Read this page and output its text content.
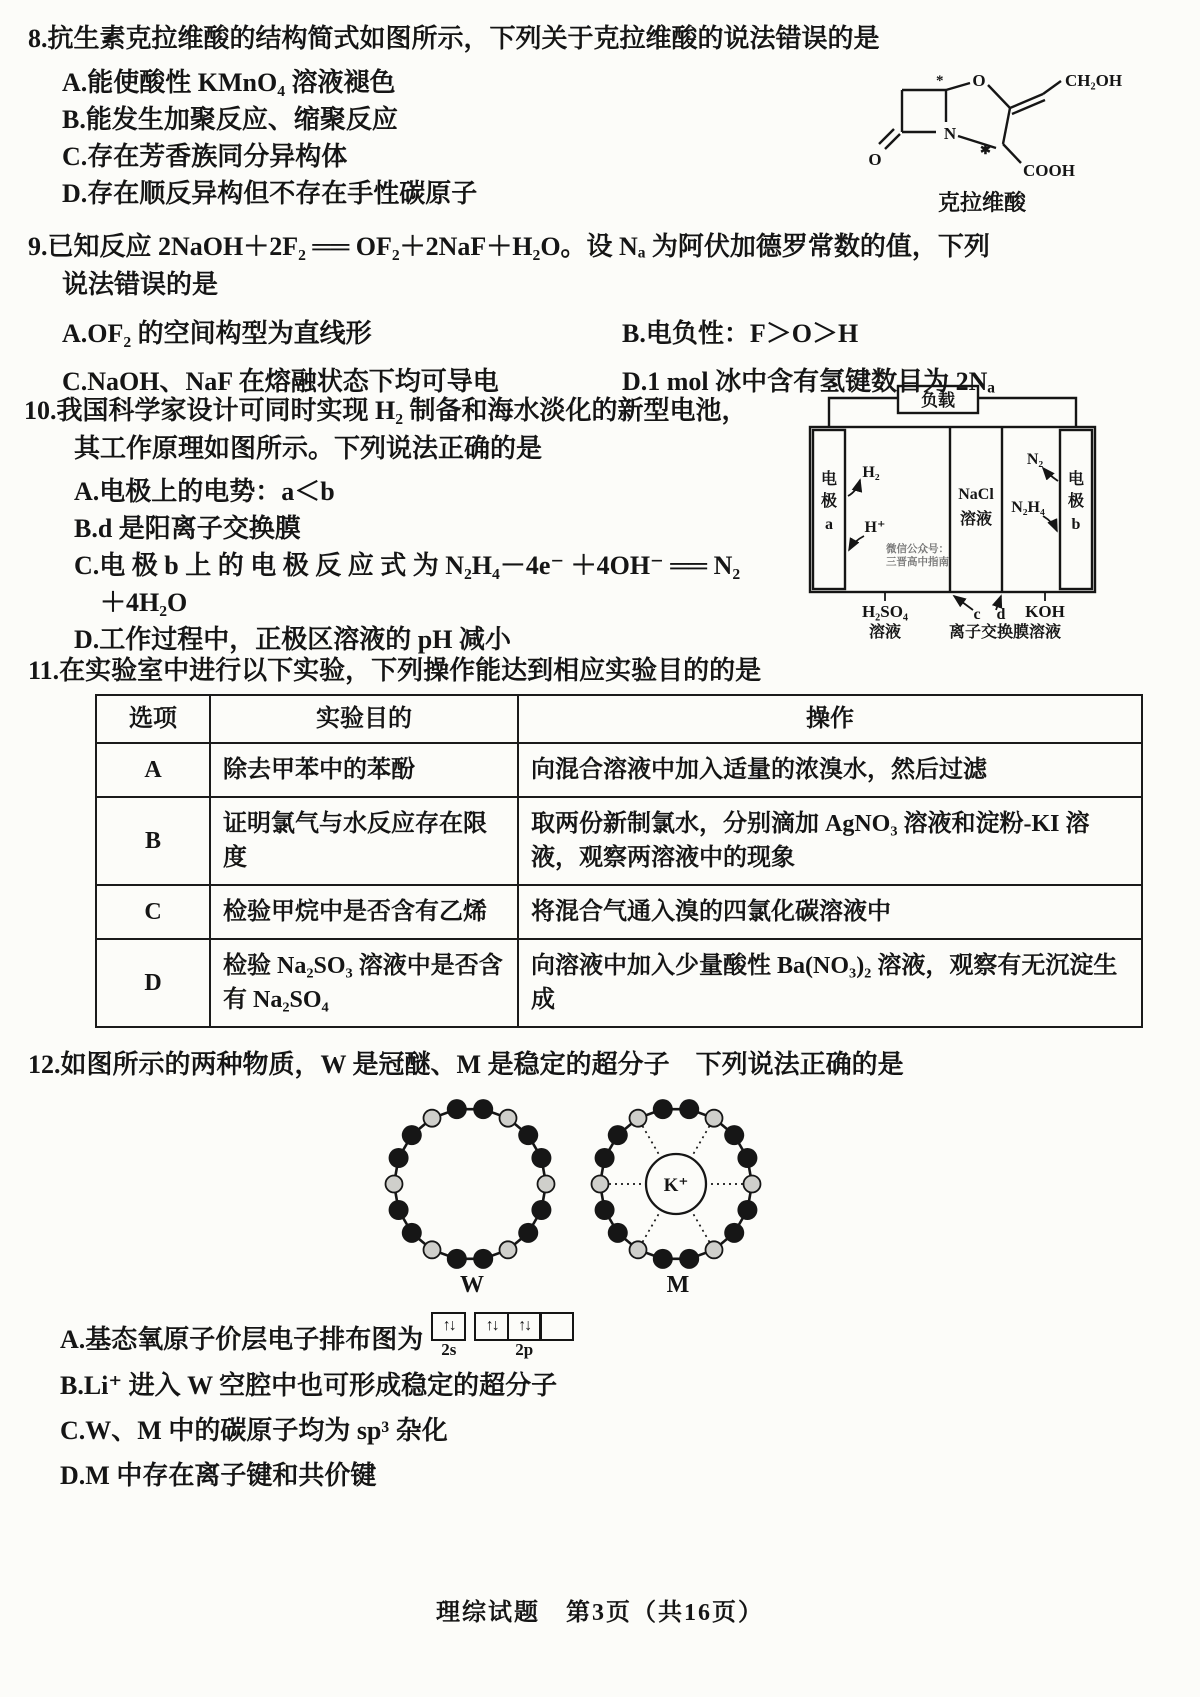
8.抗生素克拉维酸的结构简式如图所示，下列关于克拉维酸的说法错误的是
A.能使酸性 KMnO₄ 溶液褪色
B.能发生加聚反应、缩聚反应
C.存在芳香族同分异构体
D.存在顺反异构但不存在手性碳原子
O
N
O	CH₂OH
COOH
*
✱
克拉维酸
9.已知反应 2NaOH＋2F₂ ══ OF₂＋2NaF＋H₂O。设 Nₐ 为阿伏加德罗常数的值，下列
说法错误的是
A.OF₂ 的空间构型为直线形	B.电负性：F＞O＞H
C.NaOH、NaF 在熔融状态下均可导电	D.1 mol 冰中含有氢键数目为 2Nₐ
10.我国科学家设计可同时实现 H₂ 制备和海水淡化的新型电池，
其工作原理如图所示。下列说法正确的是
A.电极上的电势：a＜b
B.d 是阳离子交换膜
C.电 极 b 上 的 电 极 反 应 式 为 N₂H₄－4e⁻ ＋4OH⁻ ══ N₂
　＋4H₂O
D.工作过程中，正极区溶液的 pH 减小
负载
电
极
a
电
极
b
H₂
H⁺
NaCl
溶液
N₂
N₂H₄
H₂SO₄
溶液
c d
离子交换膜
KOH
溶液
微信公众号：
三晋高中指南
11.在实验室中进行以下实验，下列操作能达到相应实验目的的是
选项	实验目的	操作
A	除去甲苯中的苯酚	向混合溶液中加入适量的浓溴水，然后过滤
B	证明氯气与水反应存在限度	取两份新制氯水，分别滴加 AgNO₃ 溶液和淀粉-KI 溶液，观察两溶液中的现象
C	检验甲烷中是否含有乙烯	将混合气通入溴的四氯化碳溶液中
D	检验 Na₂SO₃ 溶液中是否含有 Na₂SO₄	向溶液中加入少量酸性 Ba(NO₃)₂ 溶液，观察有无沉淀生成
12.如图所示的两种物质，W 是冠醚、M 是稳定的超分子　下列说法正确的是
K⁺
W	M
A.基态氧原子价层电子排布图为	↑↓
2s
↑↓	↑↓
2p
B.Li⁺ 进入 W 空腔中也可形成稳定的超分子
C.W、M 中的碳原子均为 sp³ 杂化
D.M 中存在离子键和共价键
理综试题　第3页（共16页）
